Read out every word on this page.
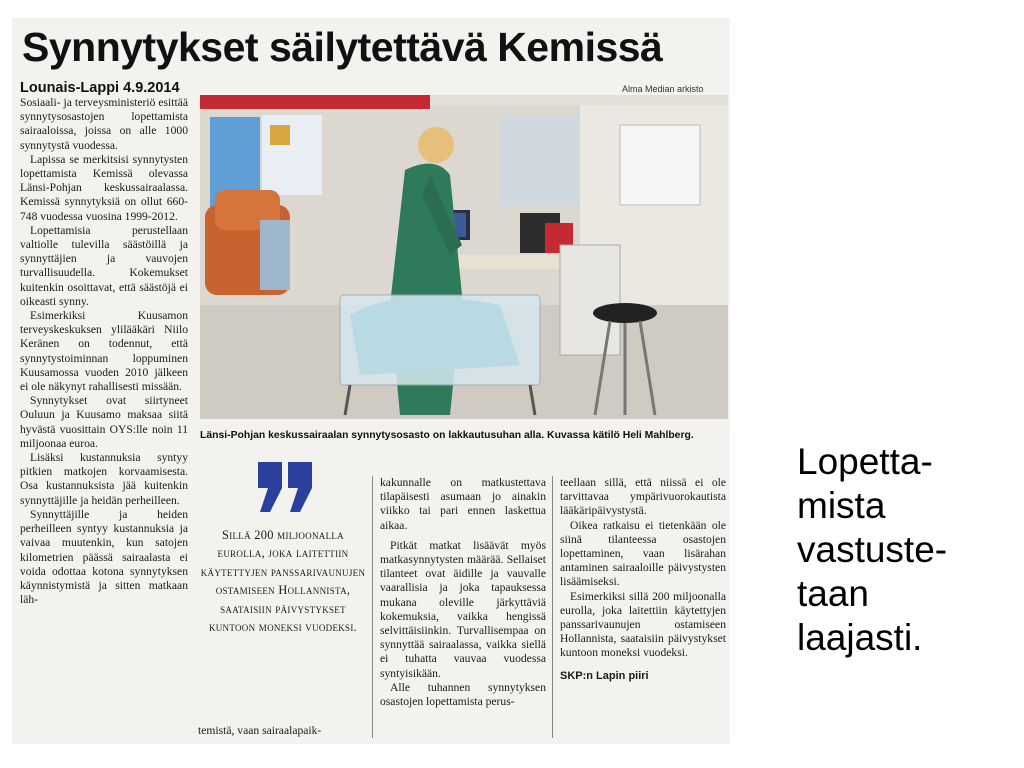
Synnytykset säilytettävä Kemissä
Lounais-Lappi 4.9.2014	Alma Median arkisto
Länsi-Pohjan keskussairaalan synnytysosasto on lakkautusuhan alla. Kuvassa kätilö Heli Mahlberg.

Sosiaali- ja terveysministeriö esittää synnytysosastojen lopettamista sairaaloissa, joissa on alle 1000 synnytystä vuodessa.

Lapissa se merkitsisi synnytysten lopettamista Kemissä olevassa Länsi-Pohjan keskussairaalassa. Kemissä synnytyksiä on ollut 660-748 vuodessa vuosina 1999-2012.

Lopettamisia perustellaan valtiolle tulevilla säästöillä ja synnyttäjien ja vauvojen turvallisuudella. Kokemukset kuitenkin osoittavat, että säästöjä ei oikeasti synny.

Esimerkiksi Kuusamon terveyskeskuksen ylilääkäri Niilo Keränen on todennut, että synnytystoiminnan loppuminen Kuusamossa vuoden 2010 jälkeen ei ole näkynyt rahallisesti missään.

Synnytykset ovat siirtyneet Ouluun ja Kuusamo maksaa siitä hyvästä vuosittain OYS:lle noin 11 miljoonaa euroa.

Lisäksi kustannuksia syntyy pitkien matkojen korvaamisesta. Osa kustannuksista jää kuitenkin synnyttäjille ja heidän perheilleen.

Synnyttäjille ja heiden perheilleen syntyy kustannuksia ja vaivaa muutenkin, kun satojen kilometrien päässä sairaalasta ei voida odottaa kotona synnytyksen käynnistymistä ja sitten matkaan läh-

Sillä 200 miljoonalla eurolla, joka laitettiin käytettyjen panssarivaunujen ostamiseen Hollannista, saataisiin päivystykset kuntoon moneksi vuodeksi.
temistä, vaan sairaalapaik-

kakunnalle on matkustettava tilapäisesti asumaan jo ainakin viikko tai pari ennen laskettua aikaa.

Pitkät matkat lisäävät myös matkasynnytysten määrää. Sellaiset tilanteet ovat äidille ja vauvalle vaarallisia ja joka tapauksessa mukana oleville järkyttäviä kokemuksia, vaikka hengissä selvittäisiinkin. Turvallisempaa on synnyttää sairaalassa, vaikka siellä ei tuhatta vauvaa vuodessa syntyisikään.

Alle tuhannen synnytyksen osastojen lopettamista perus-

teellaan sillä, että niissä ei ole tarvittavaa ympärivuorokautista lääkäripäivystystä.

Oikea ratkaisu ei tietenkään ole siinä tilanteessa osastojen lopettaminen, vaan lisärahan antaminen sairaaloille päivystysten lisäämiseksi.

Esimerkiksi sillä 200 miljoonalla eurolla, joka laitettiin käytettyjen panssarivaunujen ostamiseen Hollannista, saataisiin päivystykset kuntoon moneksi vuodeksi.

SKP:n Lapin piiri
Lopetta-
mista
vastuste-
taan
laajasti.
